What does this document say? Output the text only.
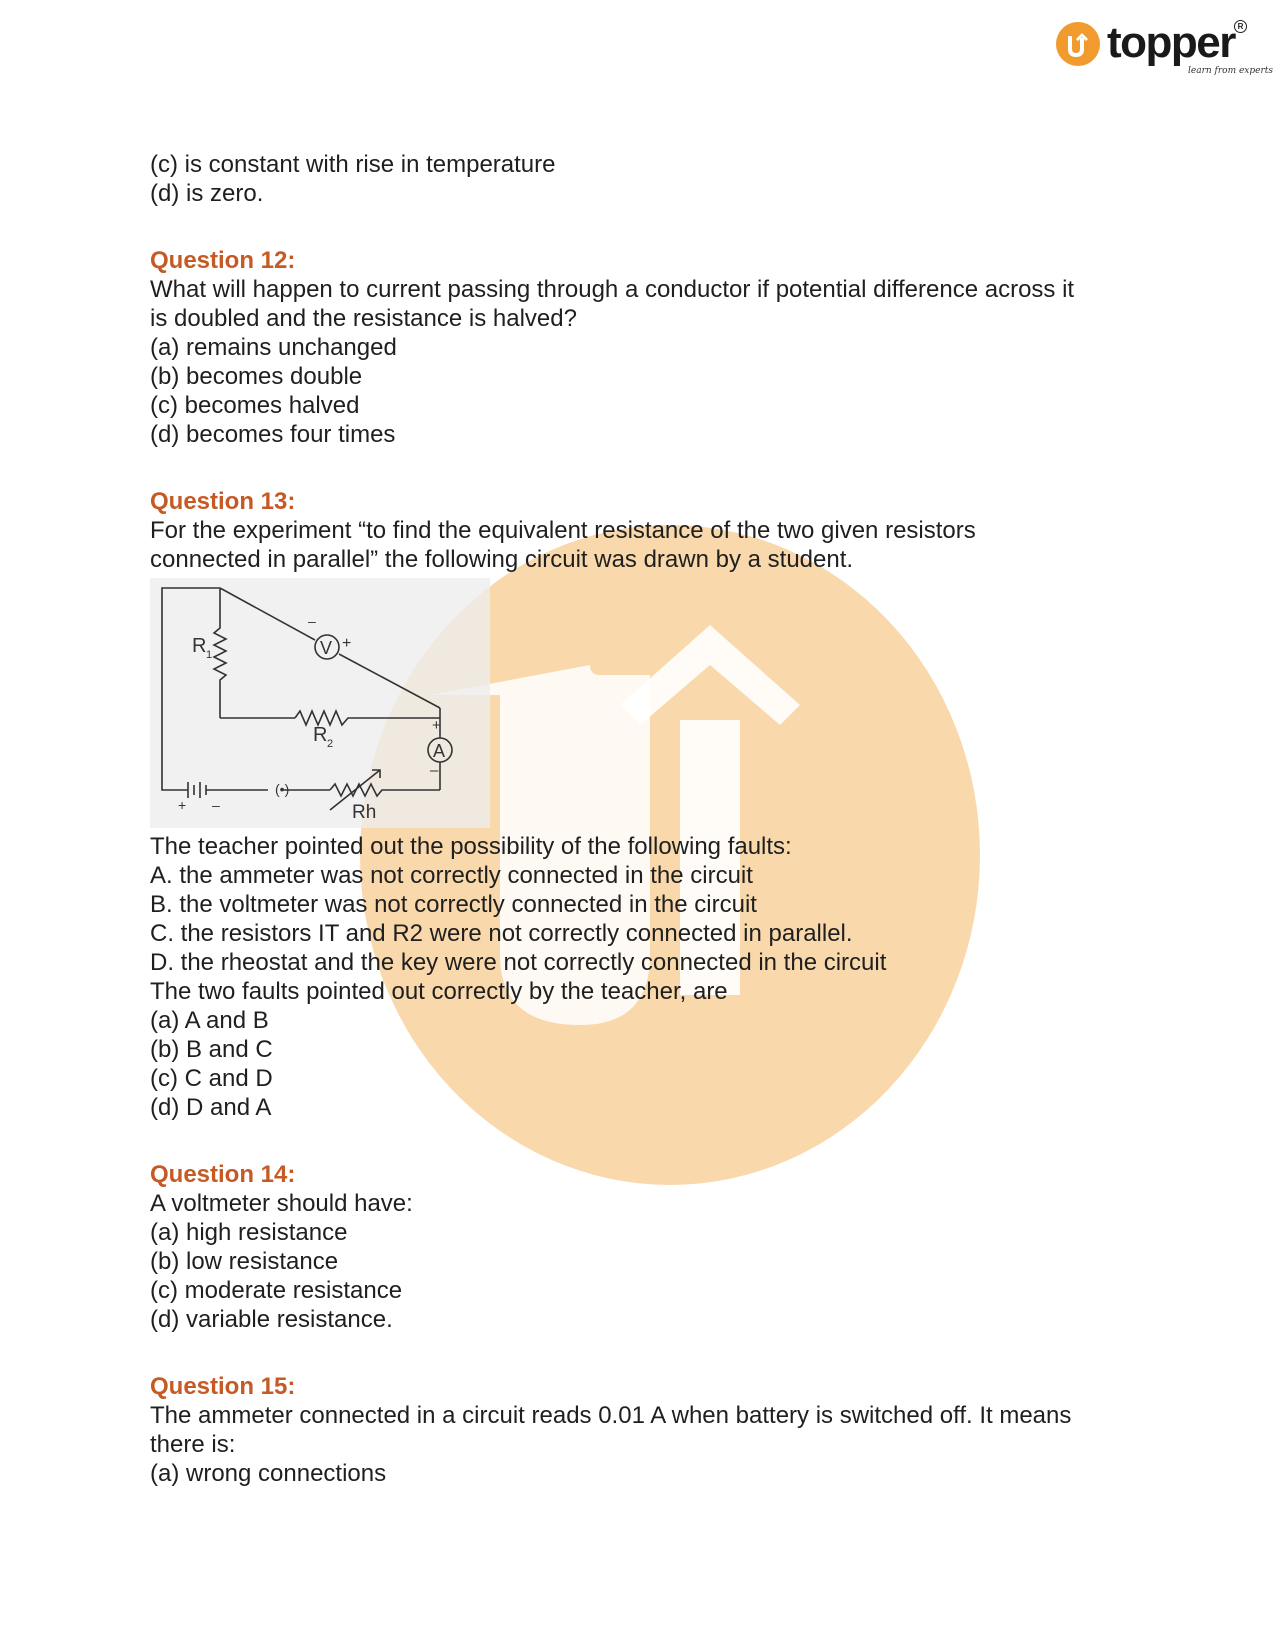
topper R
learn from experts
(c) is constant with rise in temperature
(d) is zero.
Question 12:
What will happen to current passing through a conductor if potential difference across it
is doubled and the resistance is halved?
(a) remains unchanged
(b) becomes double
(c) becomes halved
(d) becomes four times
Question 13:
For the experiment “to find the equivalent resistance of the two given resistors
connected in parallel” the following circuit was drawn by a student.
(•)
R 1
R 2
V +
–
A
+
–
+ –	Rh
The teacher pointed out the possibility of the following faults:
A. the ammeter was not correctly connected in the circuit
B. the voltmeter was not correctly connected in the circuit
C. the resistors IT and R2 were not correctly connected in parallel.
D. the rheostat and the key were not correctly connected in the circuit
The two faults pointed out correctly by the teacher, are
(a) A and B
(b) B and C
(c) C and D
(d) D and A
Question 14:
A voltmeter should have:
(a) high resistance
(b) low resistance
(c) moderate resistance
(d) variable resistance.
Question 15:
The ammeter connected in a circuit reads 0.01 A when battery is switched off. It means
there is:
(a) wrong connections
